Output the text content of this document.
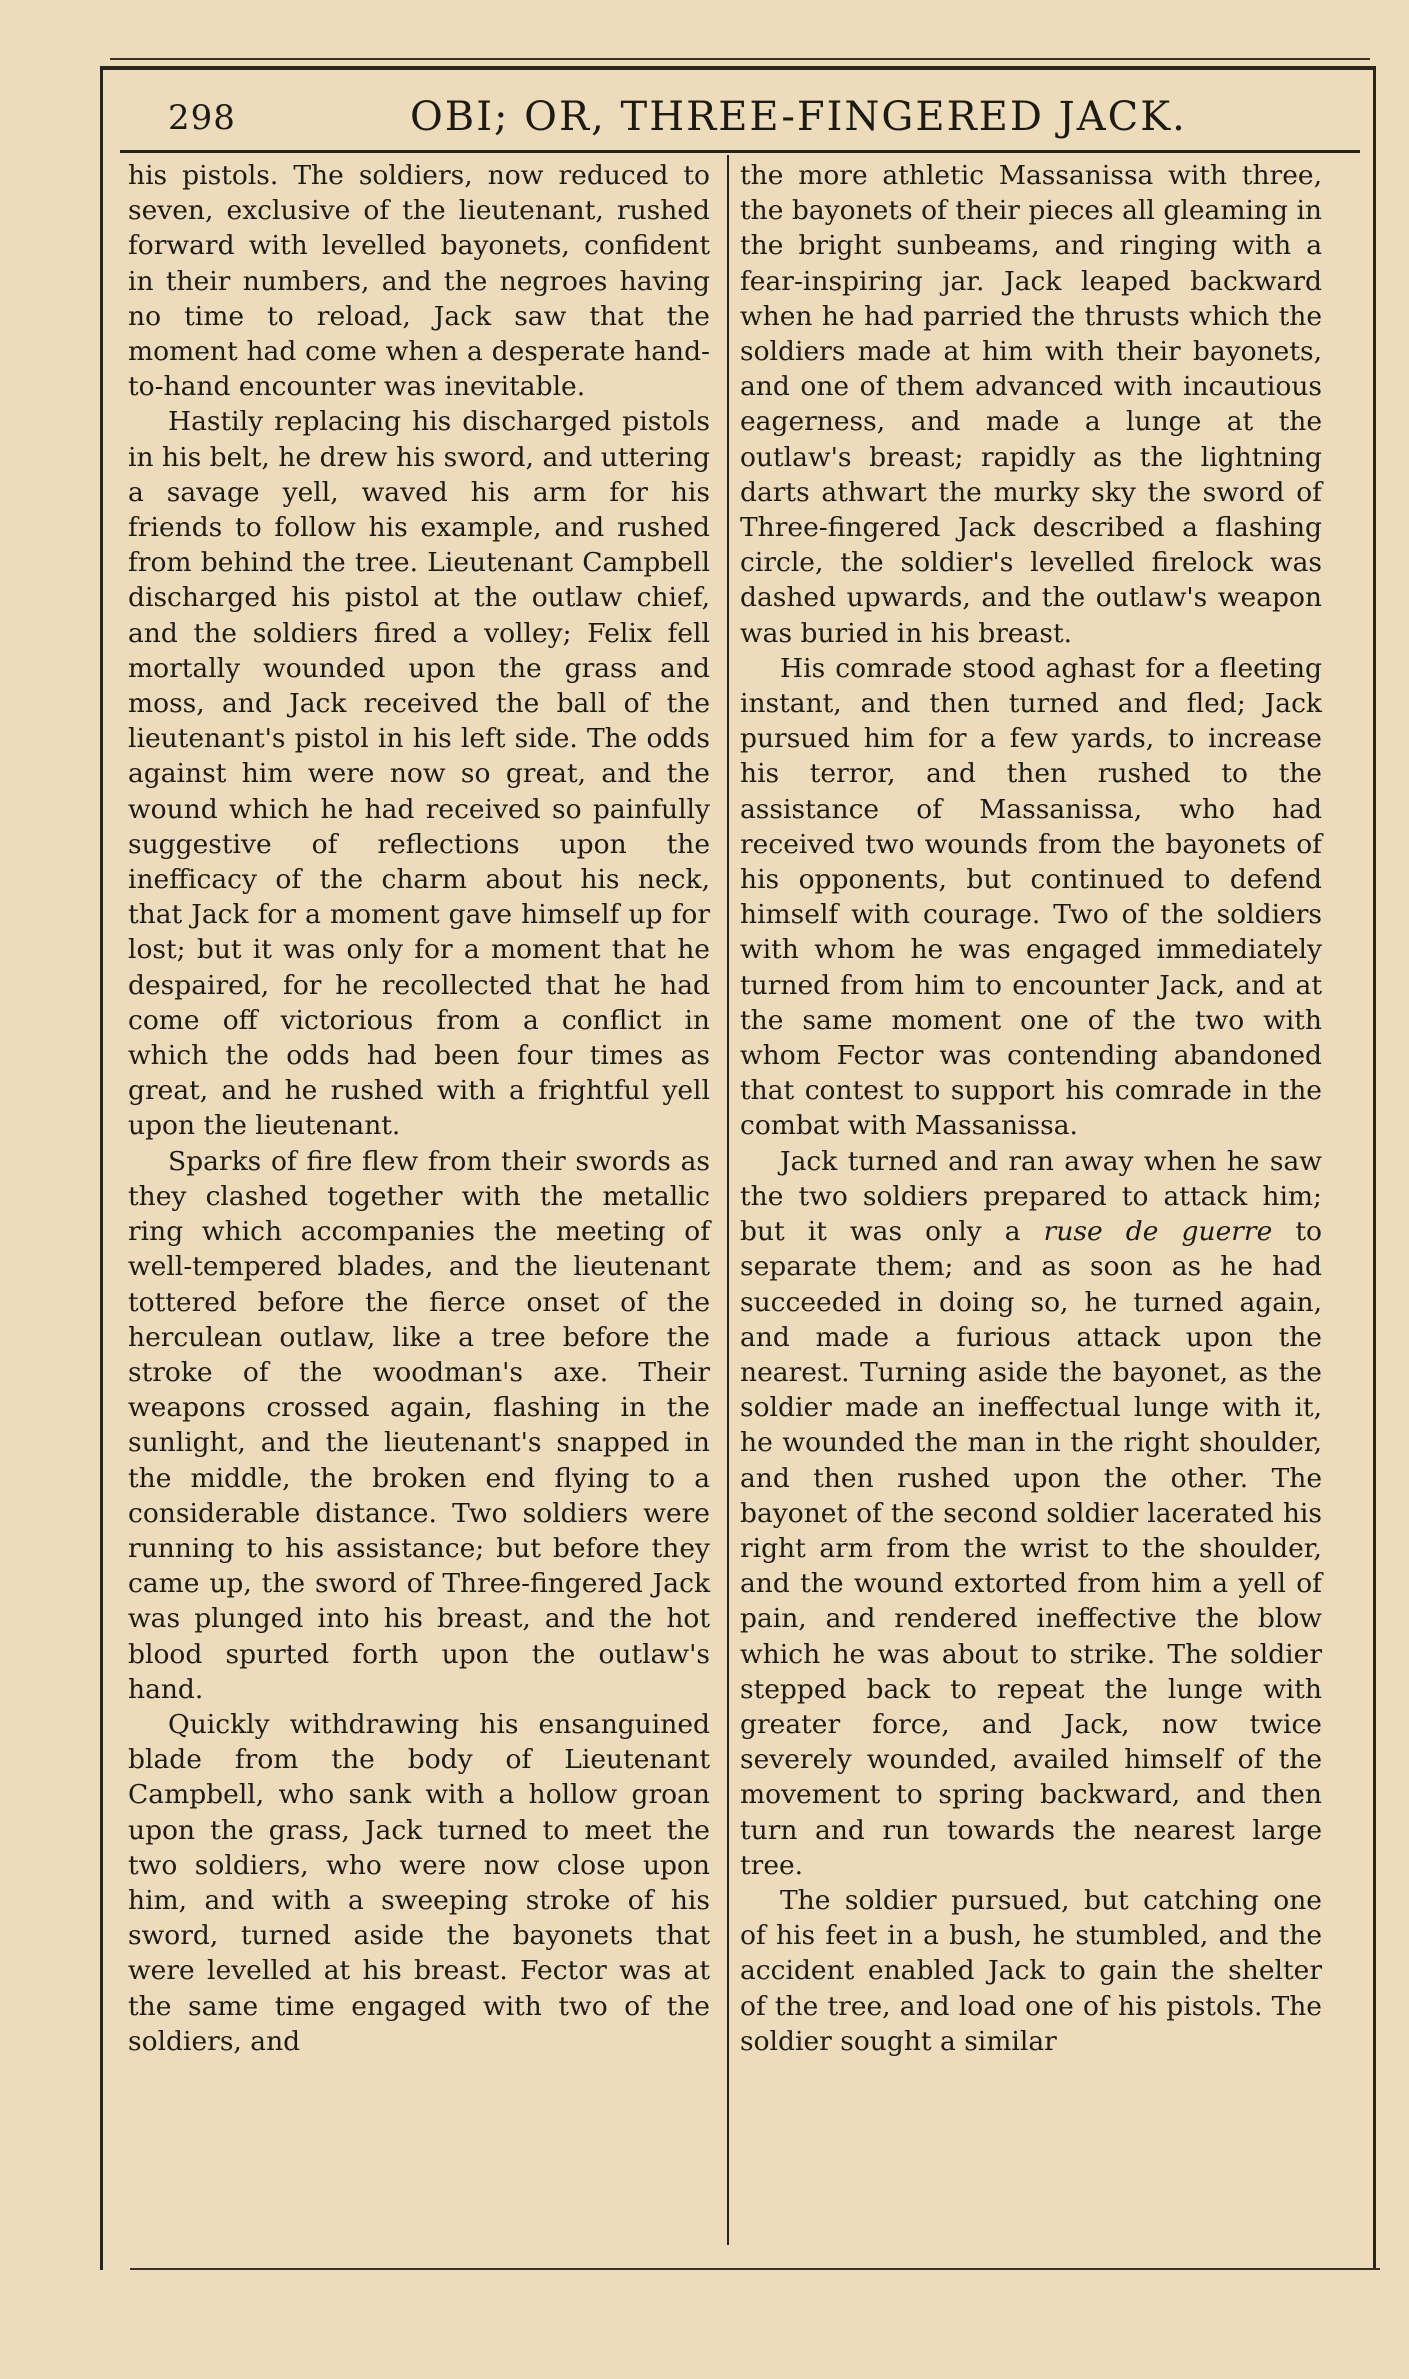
298	OBI; OR, THREE-FINGERED JACK.

his pistols. The soldiers, now reduced to seven, exclusive of the lieutenant, rushed forward with levelled bayonets, confident in their numbers, and the negroes having no time to reload, Jack saw that the moment had come when a desperate hand-to-hand encounter was inevitable.

Hastily replacing his discharged pistols in his belt, he drew his sword, and uttering a savage yell, waved his arm for his friends to follow his example, and rushed from behind the tree. Lieutenant Campbell discharged his pistol at the outlaw chief, and the soldiers fired a volley; Felix fell mortally wounded upon the grass and moss, and Jack received the ball of the lieutenant's pistol in his left side. The odds against him were now so great, and the wound which he had received so painfully suggestive of reflections upon the inefficacy of the charm about his neck, that Jack for a moment gave himself up for lost; but it was only for a moment that he despaired, for he recollected that he had come off victorious from a conflict in which the odds had been four times as great, and he rushed with a frightful yell upon the lieutenant.

Sparks of fire flew from their swords as they clashed together with the metallic ring which accompanies the meeting of well-tempered blades, and the lieutenant tottered before the fierce onset of the herculean outlaw, like a tree before the stroke of the woodman's axe. Their weapons crossed again, flashing in the sunlight, and the lieutenant's snapped in the middle, the broken end flying to a considerable distance. Two soldiers were running to his assistance; but before they came up, the sword of Three-fingered Jack was plunged into his breast, and the hot blood spurted forth upon the outlaw's hand.

Quickly withdrawing his ensanguined blade from the body of Lieutenant Campbell, who sank with a hollow groan upon the grass, Jack turned to meet the two soldiers, who were now close upon him, and with a sweeping stroke of his sword, turned aside the bayonets that were levelled at his breast. Fector was at the same time engaged with two of the soldiers, and

the more athletic Massanissa with three, the bayonets of their pieces all gleaming in the bright sunbeams, and ringing with a fear-inspiring jar. Jack leaped backward when he had parried the thrusts which the soldiers made at him with their bayonets, and one of them advanced with incautious eagerness, and made a lunge at the outlaw's breast; rapidly as the lightning darts athwart the murky sky the sword of Three-fingered Jack described a flashing circle, the soldier's levelled firelock was dashed upwards, and the outlaw's weapon was buried in his breast.

His comrade stood aghast for a fleeting instant, and then turned and fled; Jack pursued him for a few yards, to increase his terror, and then rushed to the assistance of Massanissa, who had received two wounds from the bayonets of his opponents, but continued to defend himself with courage. Two of the soldiers with whom he was engaged immediately turned from him to encounter Jack, and at the same moment one of the two with whom Fector was contending abandoned that contest to support his comrade in the combat with Massanissa.

Jack turned and ran away when he saw the two soldiers prepared to attack him; but it was only a ruse de guerre to separate them; and as soon as he had succeeded in doing so, he turned again, and made a furious attack upon the nearest. Turning aside the bayonet, as the soldier made an ineffectual lunge with it, he wounded the man in the right shoulder, and then rushed upon the other. The bayonet of the second soldier lacerated his right arm from the wrist to the shoulder, and the wound extorted from him a yell of pain, and rendered ineffective the blow which he was about to strike. The soldier stepped back to repeat the lunge with greater force, and Jack, now twice severely wounded, availed himself of the movement to spring backward, and then turn and run towards the nearest large tree.

The soldier pursued, but catching one of his feet in a bush, he stumbled, and the accident enabled Jack to gain the shelter of the tree, and load one of his pistols. The soldier sought a similar
